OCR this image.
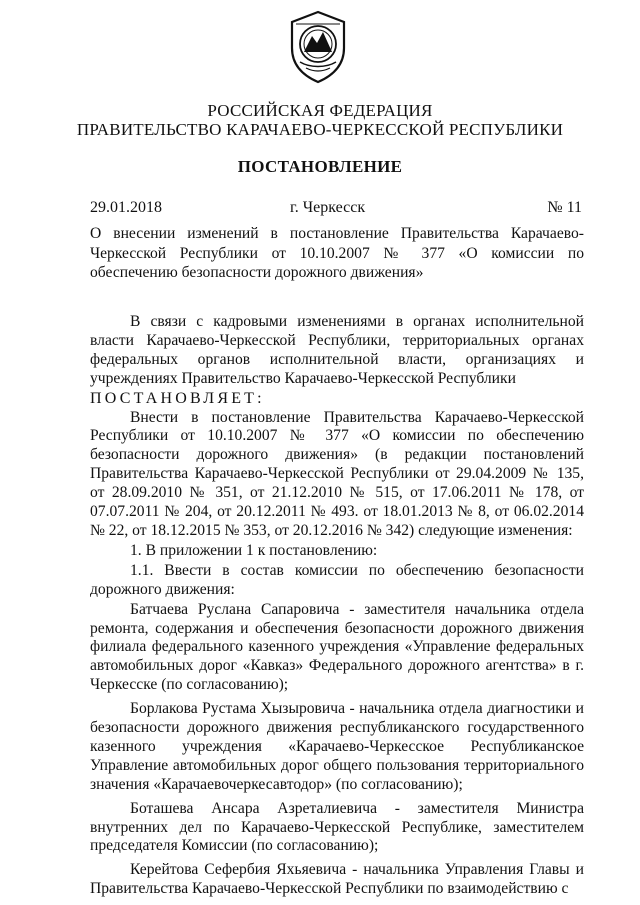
РОССИЙСКАЯ ФЕДЕРАЦИЯ
ПРАВИТЕЛЬСТВО КАРАЧАЕВО-ЧЕРКЕССКОЙ РЕСПУБЛИКИ
ПОСТАНОВЛЕНИЕ
29.01.2018	г. Черкесск	№ 11

О внесении изменений в постановление Правительства Карачаево-Черкесской Республики от 10.10.2007 № 377 «О комиссии по обеспечению безопасности дорожного движения»

В связи с кадровыми изменениями в органах исполнительной власти Карачаево-Черкесской Республики, территориальных органах федеральных органов исполнительной власти, организациях и учреждениях Правительство Карачаево-Черкесской Республики

ПОСТАНОВЛЯЕТ:

Внести в постановление Правительства Карачаево-Черкесской Республики от 10.10.2007 № 377 «О комиссии по обеспечению безопасности дорожного движения» (в редакции постановлений Правительства Карачаево-Черкесской Республики от 29.04.2009 № 135, от 28.09.2010 № 351, от 21.12.2010 № 515, от 17.06.2011 № 178, от 07.07.2011 № 204, от 20.12.2011 № 493. от 18.01.2013 № 8, от 06.02.2014 № 22, от 18.12.2015 № 353, от 20.12.2016 № 342) следующие изменения:

1. В приложении 1 к постановлению:

1.1. Ввести в состав комиссии по обеспечению безопасности дорожного движения:

Батчаева Руслана Сапаровича - заместителя начальника отдела ремонта, содержания и обеспечения безопасности дорожного движения филиала федерального казенного учреждения «Управление федеральных автомобильных дорог «Кавказ» Федерального дорожного агентства» в г. Черкесске (по согласованию);

Борлакова Рустама Хызыровича - начальника отдела диагностики и безопасности дорожного движения республиканского государственного казенного учреждения «Карачаево-Черкесское Республиканское Управление автомобильных дорог общего пользования территориального значения «Карачаевочеркесавтодор» (по согласованию);

Боташева Ансара Азреталиевича - заместителя Министра внутренних дел по Карачаево-Черкесской Республике, заместителем председателя Комиссии (по согласованию);

Керейтова Сефербия Яхьяевича - начальника Управления Главы и Правительства Карачаево-Черкесской Республики по взаимодействию с
